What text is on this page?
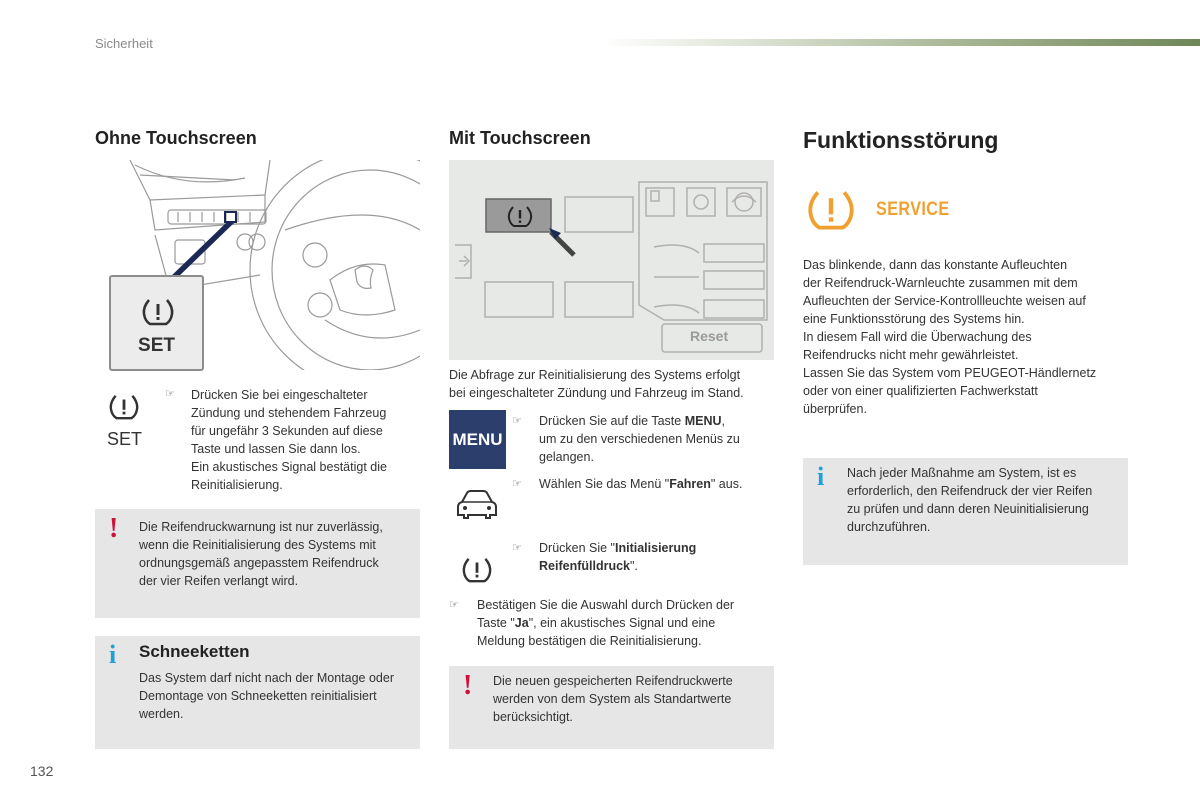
Sicherheit
Ohne Touchscreen
SET
SET
☞ Drücken Sie bei eingeschalteter
Zündung und stehendem Fahrzeug
für ungefähr 3 Sekunden auf diese
Taste und lassen Sie dann los.
Ein akustisches Signal bestätigt die
Reinitialisierung.
! Die Reifendruckwarnung ist nur zuverlässig,
wenn die Reinitialisierung des Systems mit
ordnungsgemäß angepasstem Reifendruck
der vier Reifen verlangt wird.
i Schneeketten
Das System darf nicht nach der Montage oder
Demontage von Schneeketten reinitialisiert
werden.
Mit Touchscreen
Reset
Die Abfrage zur Reinitialisierung des Systems erfolgt
bei eingeschalteter Zündung und Fahrzeug im Stand.
MENU
☞ Drücken Sie auf die Taste MENU,
um zu den verschiedenen Menüs zu
gelangen.
☞ Wählen Sie das Menü "Fahren" aus.
☞ Drücken Sie "Initialisierung
Reifenfülldruck".
☞ Bestätigen Sie die Auswahl durch Drücken der
Taste "Ja", ein akustisches Signal und eine
Meldung bestätigen die Reinitialisierung.
! Die neuen gespeicherten Reifendruckwerte
werden von dem System als Standartwerte
berücksichtigt.
Funktionsstörung
SERVICE
Das blinkende, dann das konstante Aufleuchten
der Reifendruck-Warnleuchte zusammen mit dem
Aufleuchten der Service-Kontrollleuchte weisen auf
eine Funktionsstörung des Systems hin.
In diesem Fall wird die Überwachung des
Reifendrucks nicht mehr gewährleistet.
Lassen Sie das System vom PEUGEOT-Händlernetz
oder von einer qualifizierten Fachwerkstatt
überprüfen.
i Nach jeder Maßnahme am System, ist es
erforderlich, den Reifendruck der vier Reifen
zu prüfen und dann deren Neuinitialisierung
durchzuführen.
132
